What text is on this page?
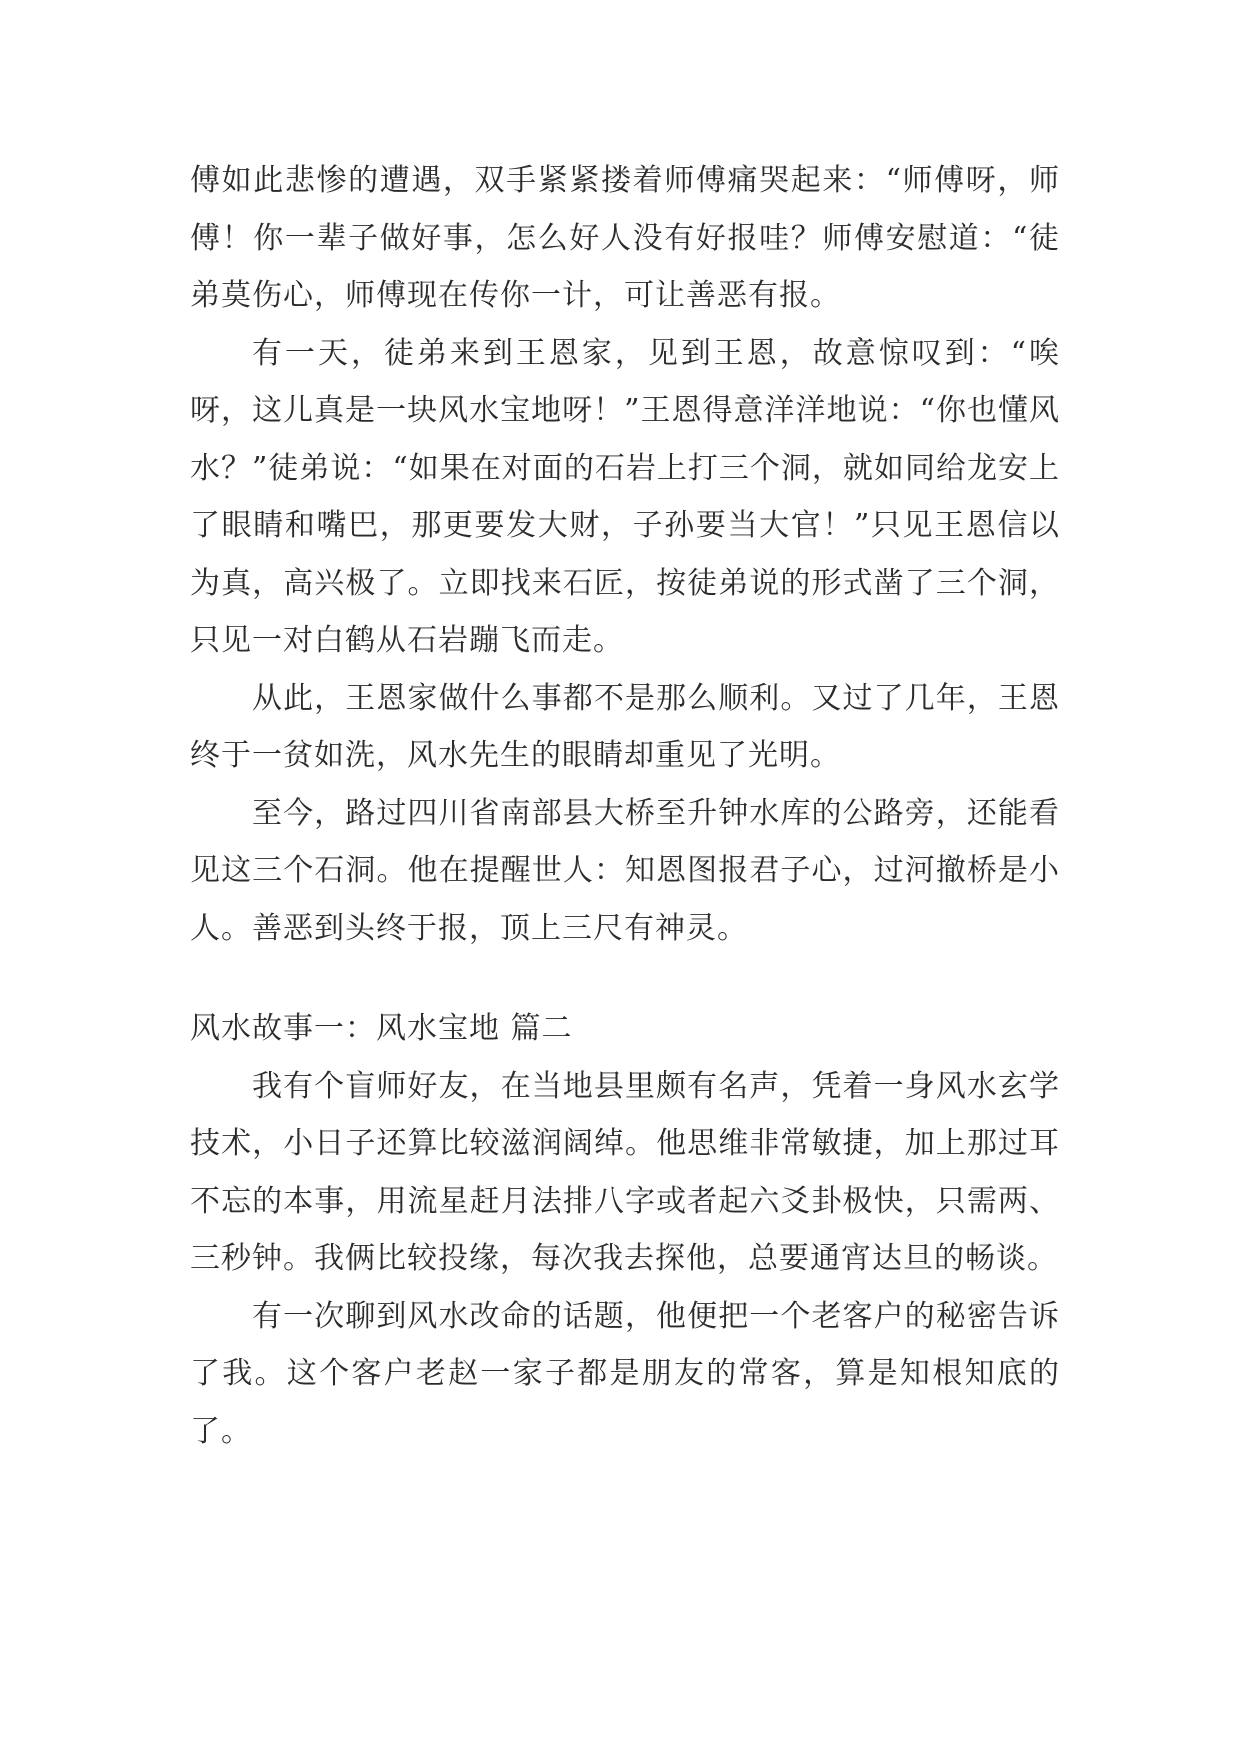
傅如此悲惨的遭遇，双手紧紧搂着师傅痛哭起来：“师傅呀，师傅！你一辈子做好事，怎么好人没有好报哇？师傅安慰道：“徒弟莫伤心，师傅现在传你一计，可让善恶有报。

有一天，徒弟来到王恩家，见到王恩，故意惊叹到：“唉呀，这儿真是一块风水宝地呀！”王恩得意洋洋地说：“你也懂风水？”徒弟说：“如果在对面的石岩上打三个洞，就如同给龙安上了眼睛和嘴巴，那更要发大财，子孙要当大官！”只见王恩信以为真，高兴极了。立即找来石匠，按徒弟说的形式凿了三个洞，只见一对白鹤从石岩蹦飞而走。

从此，王恩家做什么事都不是那么顺利。又过了几年，王恩终于一贫如洗，风水先生的眼睛却重见了光明。

至今，路过四川省南部县大桥至升钟水库的公路旁，还能看见这三个石洞。他在提醒世人：知恩图报君子心，过河撤桥是小人。善恶到头终于报，顶上三尺有神灵。

风水故事一：风水宝地 篇二

我有个盲师好友，在当地县里颇有名声，凭着一身风水玄学技术，小日子还算比较滋润阔绰。他思维非常敏捷，加上那过耳不忘的本事，用流星赶月法排八字或者起六爻卦极快，只需两、三秒钟。我俩比较投缘，每次我去探他，总要通宵达旦的畅谈。

有一次聊到风水改命的话题，他便把一个老客户的秘密告诉了我。这个客户老赵一家子都是朋友的常客，算是知根知底的了。
